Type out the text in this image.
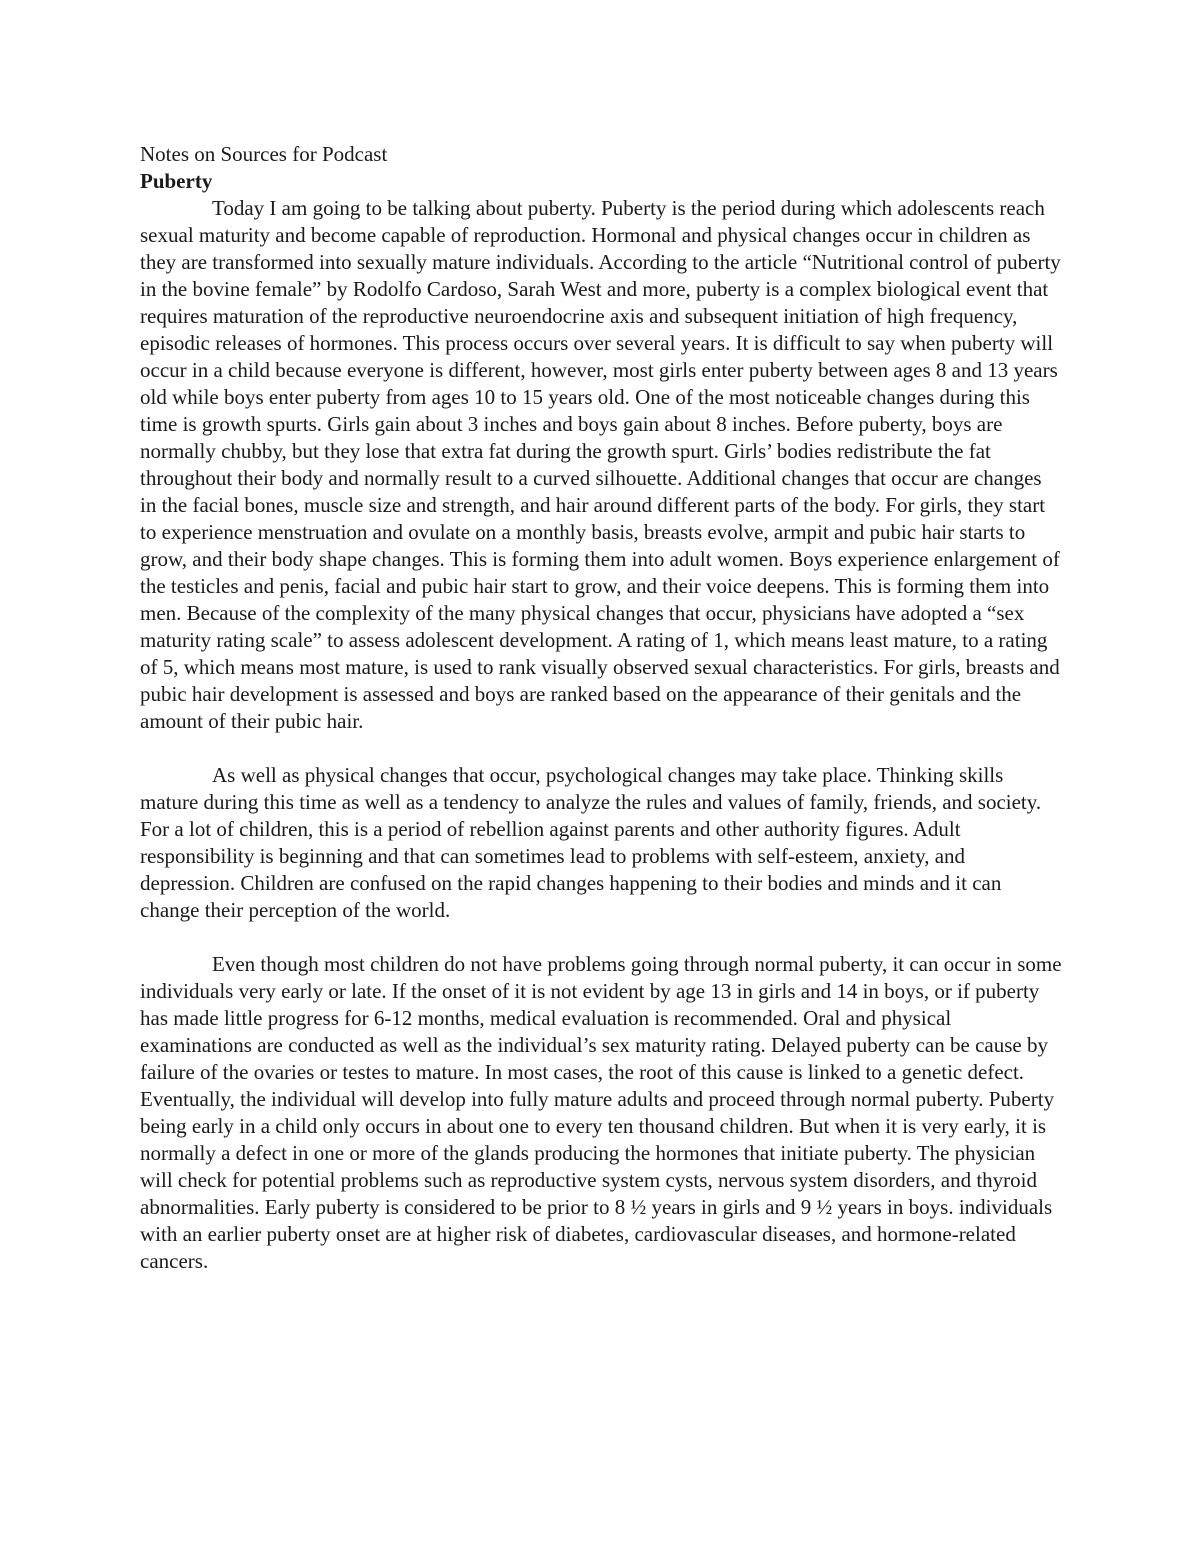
Notes on Sources for Podcast

Puberty

Today I am going to be talking about puberty. Puberty is the period during which adolescents reach sexual maturity and become capable of reproduction. Hormonal and physical changes occur in children as they are transformed into sexually mature individuals. According to the article “Nutritional control of puberty in the bovine female” by Rodolfo Cardoso, Sarah West and more, puberty is a complex biological event that requires maturation of the reproductive neuroendocrine axis and subsequent initiation of high frequency, episodic releases of hormones. This process occurs over several years. It is difficult to say when puberty will occur in a child because everyone is different, however, most girls enter puberty between ages 8 and 13 years old while boys enter puberty from ages 10 to 15 years old. One of the most noticeable changes during this time is growth spurts. Girls gain about 3 inches and boys gain about 8 inches. Before puberty, boys are normally chubby, but they lose that extra fat during the growth spurt. Girls’ bodies redistribute the fat throughout their body and normally result to a curved silhouette. Additional changes that occur are changes in the facial bones, muscle size and strength, and hair around different parts of the body. For girls, they start to experience menstruation and ovulate on a monthly basis, breasts evolve, armpit and pubic hair starts to grow, and their body shape changes. This is forming them into adult women. Boys experience enlargement of the testicles and penis, facial and pubic hair start to grow, and their voice deepens. This is forming them into men. Because of the complexity of the many physical changes that occur, physicians have adopted a “sex maturity rating scale” to assess adolescent development. A rating of 1, which means least mature, to a rating of 5, which means most mature, is used to rank visually observed sexual characteristics. For girls, breasts and pubic hair development is assessed and boys are ranked based on the appearance of their genitals and the amount of their pubic hair.

As well as physical changes that occur, psychological changes may take place. Thinking skills mature during this time as well as a tendency to analyze the rules and values of family, friends, and society. For a lot of children, this is a period of rebellion against parents and other authority figures. Adult responsibility is beginning and that can sometimes lead to problems with self-esteem, anxiety, and depression. Children are confused on the rapid changes happening to their bodies and minds and it can change their perception of the world.

Even though most children do not have problems going through normal puberty, it can occur in some individuals very early or late. If the onset of it is not evident by age 13 in girls and 14 in boys, or if puberty has made little progress for 6-12 months, medical evaluation is recommended. Oral and physical examinations are conducted as well as the individual’s sex maturity rating. Delayed puberty can be cause by failure of the ovaries or testes to mature. In most cases, the root of this cause is linked to a genetic defect. Eventually, the individual will develop into fully mature adults and proceed through normal puberty. Puberty being early in a child only occurs in about one to every ten thousand children. But when it is very early, it is normally a defect in one or more of the glands producing the hormones that initiate puberty. The physician will check for potential problems such as reproductive system cysts, nervous system disorders, and thyroid abnormalities. Early puberty is considered to be prior to 8 ½ years in girls and 9 ½ years in boys. individuals with an earlier puberty onset are at higher risk of diabetes, cardiovascular diseases, and hormone-related cancers.
